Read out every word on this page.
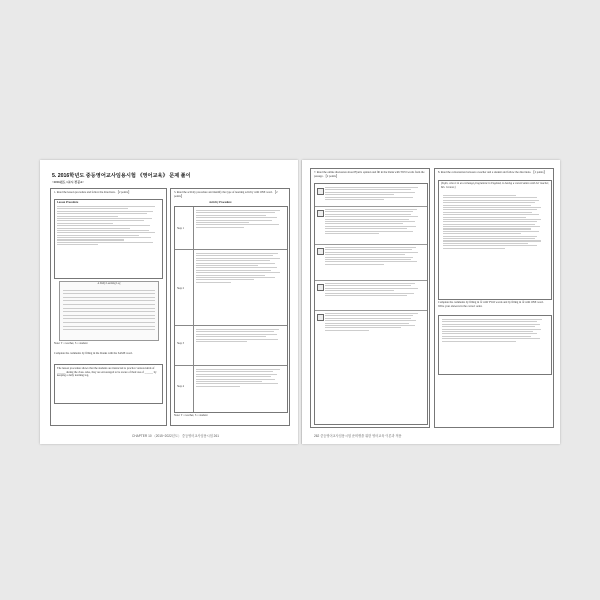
5. 2016학년도 중등영어교사임용시험 《영어교육》 문제 풀이
<2016년도 1교시 전공A>
1. Read the lesson procedure and follow the directions. 【2 points】
Lesson Procedure
A Daily Learning Log
Note: T = teacher, S = student
Complete the comments by filling in the blanks with the SAME word.
The lesson procedure shows that the students are instructed to practice various kinds of ______ during the class. Also, they are encouraged to be aware of their use of ______ by keeping a daily learning log.
3. Read the activity procedure and identify the type of learning activity with ONE word. 【2 points】
Activity Procedure
Step 1
Step 2
Step 3
Step 4
Note: T = teacher, S = student
CHAPTER 10 〈2015~2022년도〉 중등영어교사임용시험 261
7. Read the online discussion about Hyun's opinion and fill in the blank with TWO words from the passage. 【2 points】
8. Read the conversation between a teacher and a student and follow the directions. 【2 points】
(Sujin, who is in an exchange programme in England, is having a conversation with her teacher, Ms. Connor.)
Complete the comments by filling in ① with TWO words and by filling in ② with ONE word. Write your answers in the correct order.
262 중등영어교사임용시험 준비생을 위한 영어교육 이론과 적용
